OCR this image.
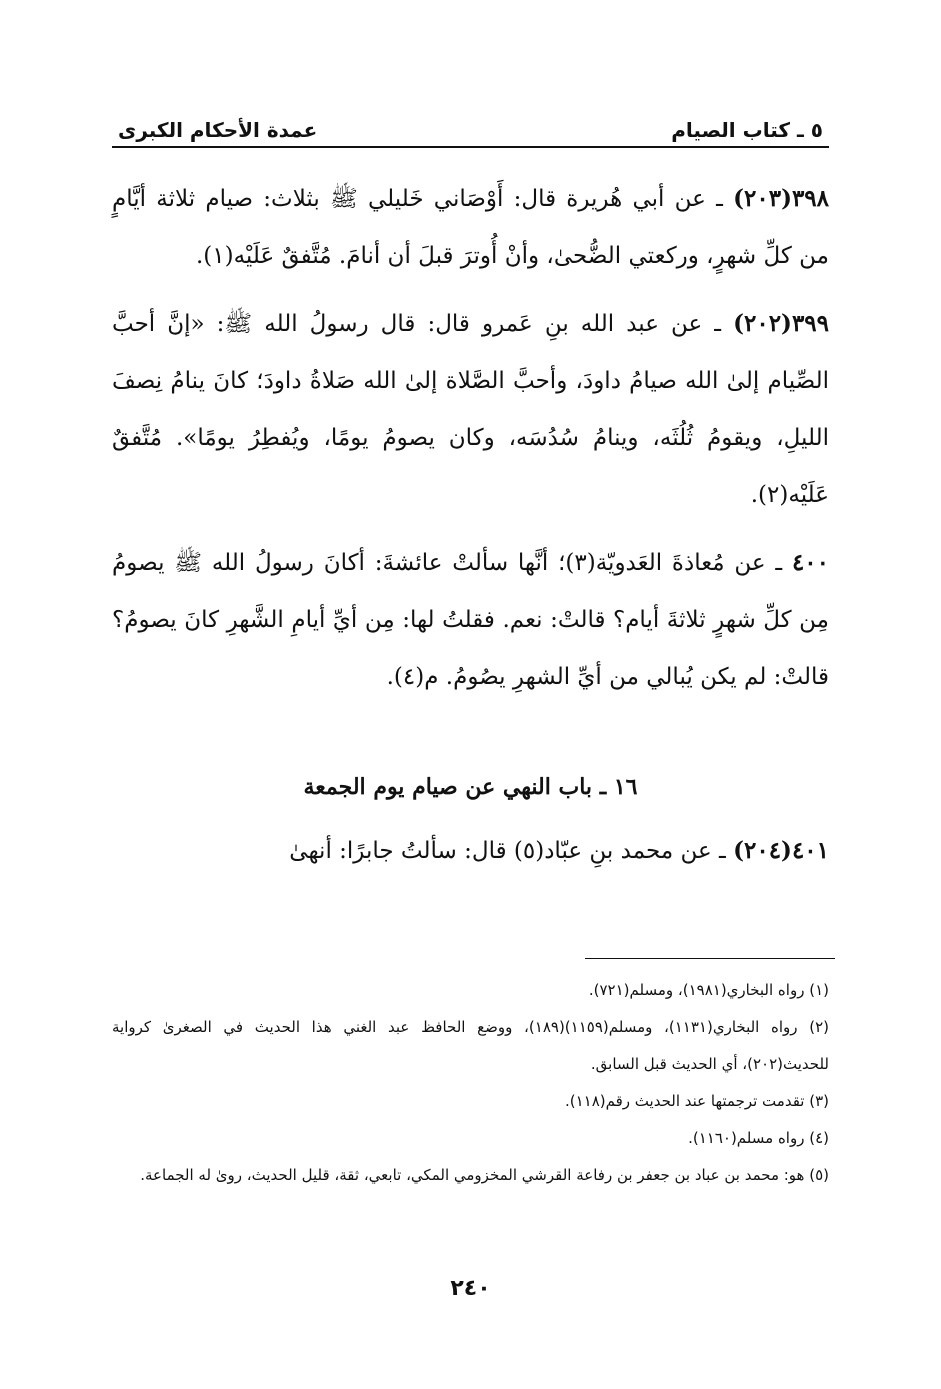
٥ ـ كتاب الصيام
عمدة الأحكام الكبرى

٣٩٨(٢٠٣) ـ عن أبي هُريرة قال: أَوْصَاني خَليلي ﷺ بثلاث: صيام ثلاثة أيَّامٍ من كلِّ شهرٍ، وركعتي الضُّحىٰ، وأنْ أُوترَ قبلَ أن أنامَ. مُتَّفقٌ عَلَيْه(١).

٣٩٩(٢٠٢) ـ عن عبد الله بنِ عَمرو قال: قال رسولُ الله ﷺ: «إنَّ أحبَّ الصِّيام إلىٰ الله صيامُ داودَ، وأحبَّ الصَّلاة إلىٰ الله صَلاةُ داودَ؛ كانَ ينامُ نِصفَ الليلِ، ويقومُ ثُلُثَه، وينامُ سُدُسَه، وكان يصومُ يومًا، ويُفطِرُ يومًا». مُتَّفقٌ عَلَيْه(٢).

٤٠٠ ـ عن مُعاذةَ العَدويّة(٣)؛ أنَّها سألتْ عائشةَ: أكانَ رسولُ الله ﷺ يصومُ مِن كلِّ شهرٍ ثلاثةَ أيام؟ قالتْ: نعم. فقلتُ لها: مِن أيِّ أيامِ الشَّهرِ كانَ يصومُ؟ قالتْ: لم يكن يُبالي من أيِّ الشهرِ يصُومُ. م(٤).

١٦ ـ باب النهي عن صيام يوم الجمعة

٤٠١(٢٠٤) ـ عن محمد بنِ عبّاد(٥) قال: سألتُ جابرًا: أنهىٰ

(١) رواه البخاري(١٩٨١)، ومسلم(٧٢١).

(٢) رواه البخاري(١١٣١)، ومسلم(١١٥٩)(١٨٩)، ووضع الحافظ عبد الغني هذا الحديث في الصغرىٰ كرواية للحديث(٢٠٢)، أي الحديث قبل السابق.

(٣) تقدمت ترجمتها عند الحديث رقم(١١٨).

(٤) رواه مسلم(١١٦٠).

(٥) هو: محمد بن عباد بن جعفر بن رفاعة القرشي المخزومي المكي، تابعي، ثقة، قليل الحديث، روىٰ له الجماعة.

٢٤٠
